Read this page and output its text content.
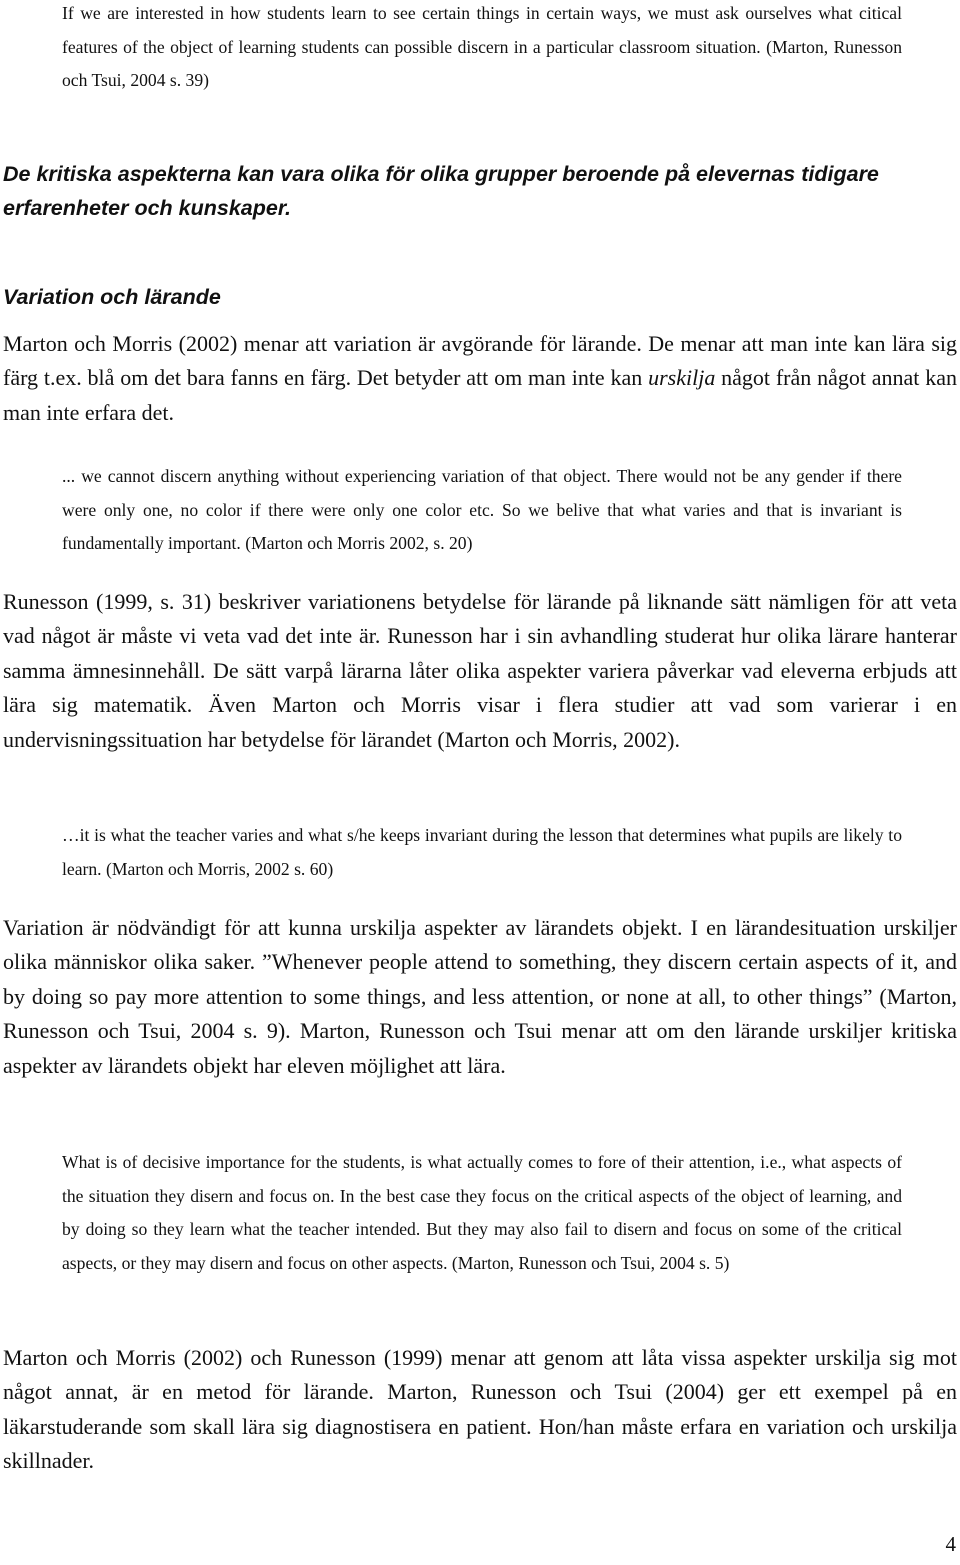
If we are interested in how students learn to see certain things in certain ways, we must ask ourselves what citical features of the object of learning students can possible discern in a particular classroom situation. (Marton, Runesson och Tsui, 2004 s. 39)

De kritiska aspekterna kan vara olika för olika grupper beroende på elevernas tidigare erfarenheter och kunskaper.

Variation och lärande

Marton och Morris (2002) menar att variation är avgörande för lärande. De menar att man inte kan lära sig färg t.ex. blå om det bara fanns en färg. Det betyder att om man inte kan urskilja något från något annat kan man inte erfara det.

... we cannot discern anything without experiencing variation of that object. There would not be any gender if there were only one, no color if there were only one color etc. So we belive that what varies and that is invariant is fundamentally important. (Marton och Morris 2002, s. 20)

Runesson (1999, s. 31) beskriver variationens betydelse för lärande på liknande sätt nämligen för att veta vad något är måste vi veta vad det inte är. Runesson har i sin avhandling studerat hur olika lärare hanterar samma ämnesinnehåll. De sätt varpå lärarna låter olika aspekter variera påverkar vad eleverna erbjuds att lära sig matematik. Även Marton och Morris visar i flera studier att vad som varierar i en undervisningssituation har betydelse för lärandet (Marton och Morris, 2002).

…it is what the teacher varies and what s/he keeps invariant during the lesson that determines what pupils are likely to learn. (Marton och Morris, 2002 s. 60)

Variation är nödvändigt för att kunna urskilja aspekter av lärandets objekt. I en lärandesituation urskiljer olika människor olika saker. ”Whenever people attend to something, they discern certain aspects of it, and by doing so pay more attention to some things, and less attention, or none at all, to other things” (Marton, Runesson och Tsui, 2004 s. 9). Marton, Runesson och Tsui menar att om den lärande urskiljer kritiska aspekter av lärandets objekt har eleven möjlighet att lära.

What is of decisive importance for the students, is what actually comes to fore of their attention, i.e., what aspects of the situation they disern and focus on. In the best case they focus on the critical aspects of the object of learning, and by doing so they learn what the teacher intended. But they may also fail to disern and focus on some of the critical aspects, or they may disern and focus on other aspects. (Marton, Runesson och Tsui, 2004 s. 5)

Marton och Morris (2002) och Runesson (1999) menar att genom att låta vissa aspekter urskilja sig mot något annat, är en metod för lärande. Marton, Runesson och Tsui (2004) ger ett exempel på en läkarstuderande som skall lära sig diagnostisera en patient. Hon/han måste erfara en variation och urskilja skillnader.

4
